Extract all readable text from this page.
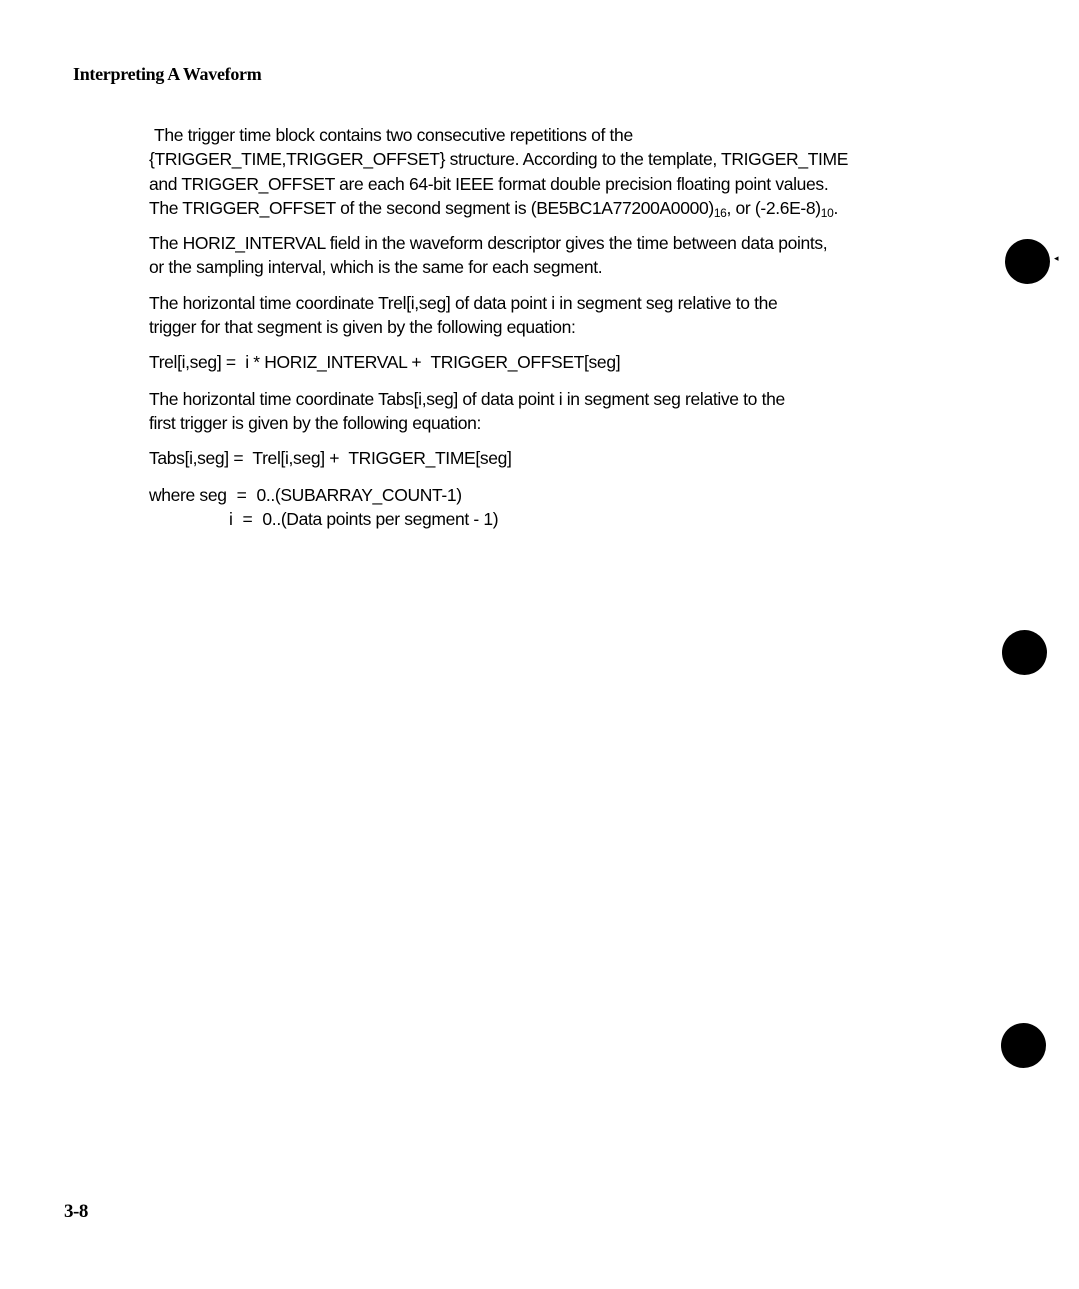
Interpreting A Waveform

The trigger time block contains two consecutive repetitions of the
{TRIGGER_TIME,TRIGGER_OFFSET} structure. According to the template, TRIGGER_TIME
and TRIGGER_OFFSET are each 64-bit IEEE format double precision floating point values.
The TRIGGER_OFFSET of the second segment is $(BE5BC1A77200A0000)_{16}$, or $(-2.6E-8)_{10}$.

The HORIZ_INTERVAL field in the waveform descriptor gives the time between data points,
or the sampling interval, which is the same for each segment.

The horizontal time coordinate Trel[i,seg] of data point i in segment seg relative to the
trigger for that segment is given by the following equation:

Trel[i,seg] = i * HORIZ_INTERVAL + TRIGGER_OFFSET[seg]

The horizontal time coordinate Tabs[i,seg] of data point i in segment seg relative to the
first trigger is given by the following equation:

Tabs[i,seg] = Trel[i,seg] + TRIGGER_TIME[seg]
where seg = 0..(SUBARRAY_COUNT-1)
i = 0..(Data points per segment - 1)
◂
3-8
